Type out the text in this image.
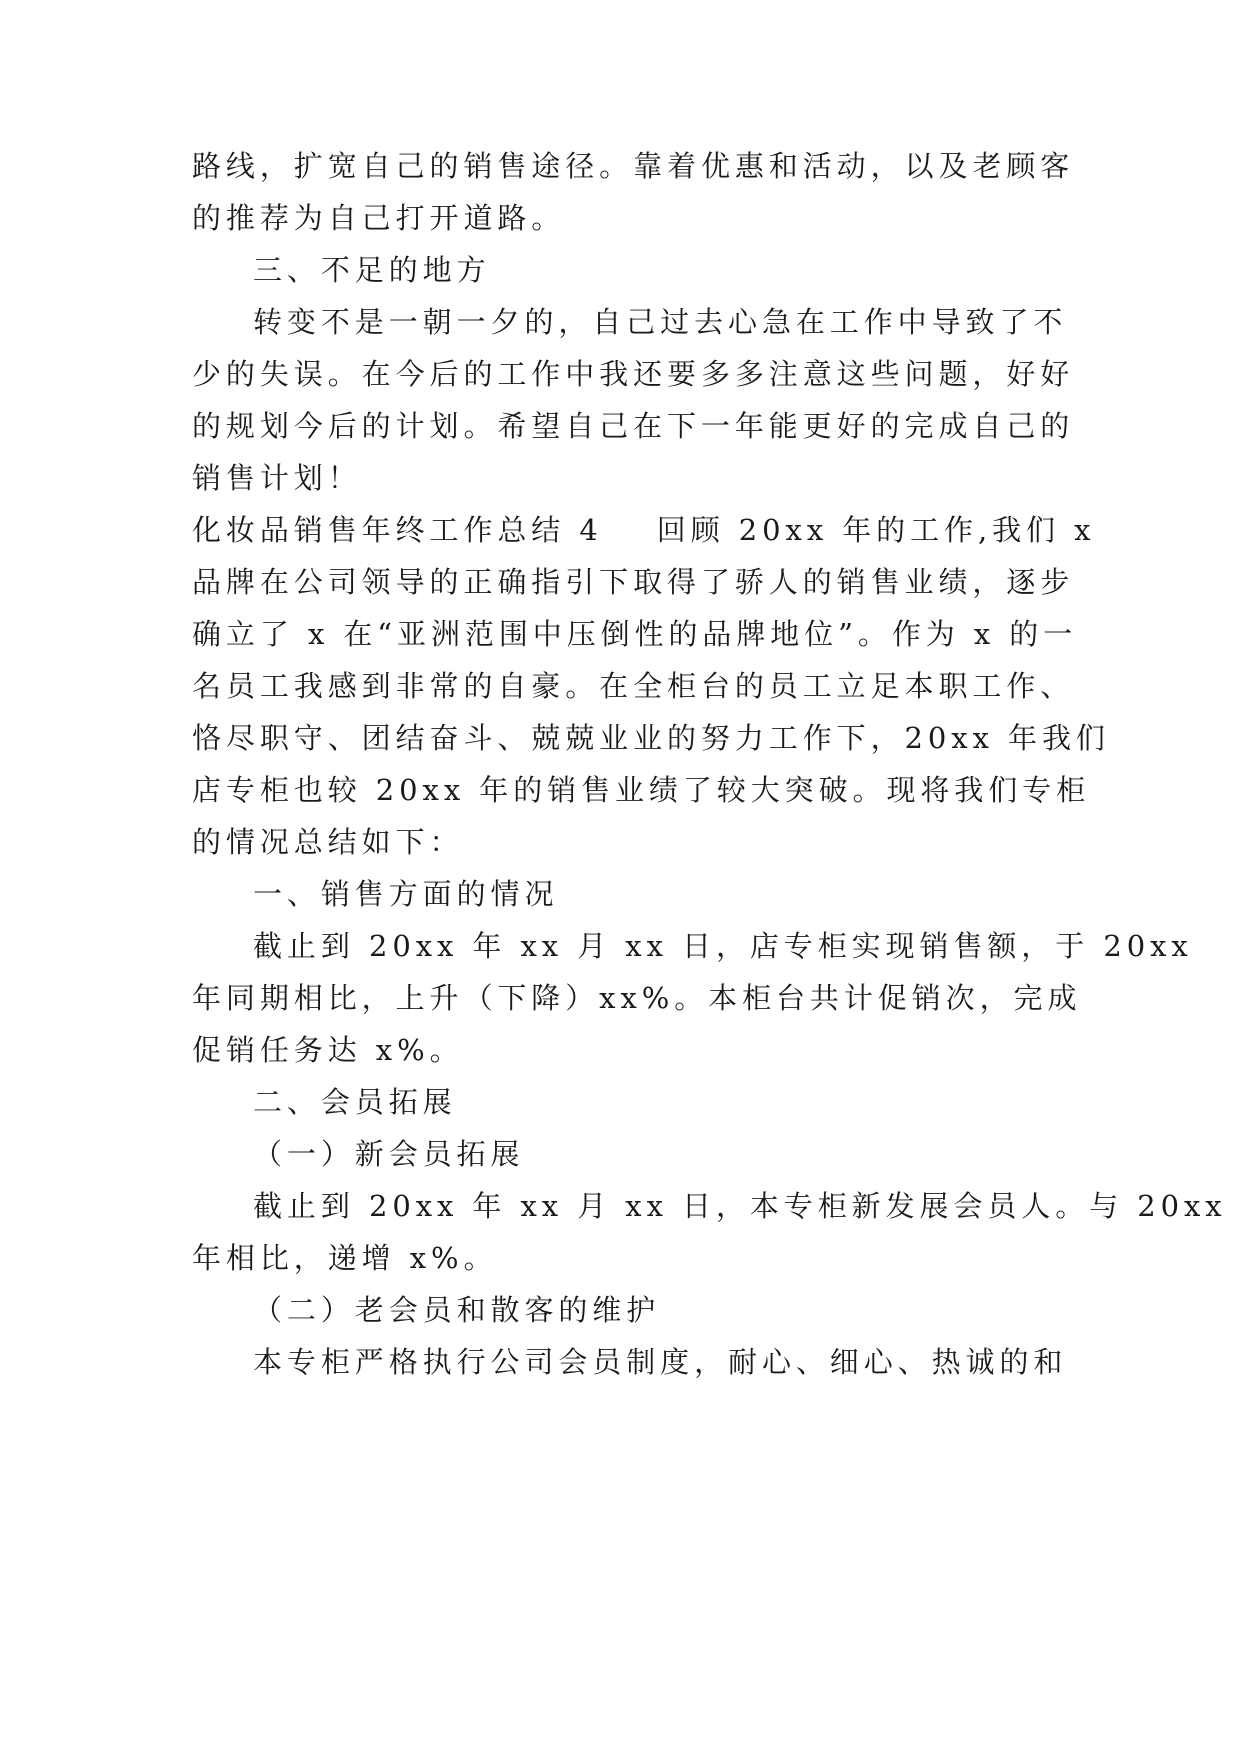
路线，扩宽自己的销售途径。靠着优惠和活动，以及老顾客
的推荐为自己打开道路。
三、不足的地方
转变不是一朝一夕的，自己过去心急在工作中导致了不
少的失误。在今后的工作中我还要多多注意这些问题，好好
的规划今后的计划。希望自己在下一年能更好的完成自己的
销售计划！
化妆品销售年终工作总结 4 回顾 20xx 年的工作,我们 x
品牌在公司领导的正确指引下取得了骄人的销售业绩，逐步
确立了 x 在“亚洲范围中压倒性的品牌地位”。作为 x 的一
名员工我感到非常的自豪。在全柜台的员工立足本职工作、
恪尽职守、团结奋斗、兢兢业业的努力工作下，20xx 年我们
店专柜也较 20xx 年的销售业绩了较大突破。现将我们专柜
的情况总结如下：
一、销售方面的情况
截止到 20xx 年 xx 月 xx 日，店专柜实现销售额，于 20xx
年同期相比，上升（下降）xx%。本柜台共计促销次，完成
促销任务达 x%。
二、会员拓展
（一）新会员拓展
截止到 20xx 年 xx 月 xx 日，本专柜新发展会员人。与 20xx
年相比，递增 x%。
（二）老会员和散客的维护
本专柜严格执行公司会员制度，耐心、细心、热诚的和
